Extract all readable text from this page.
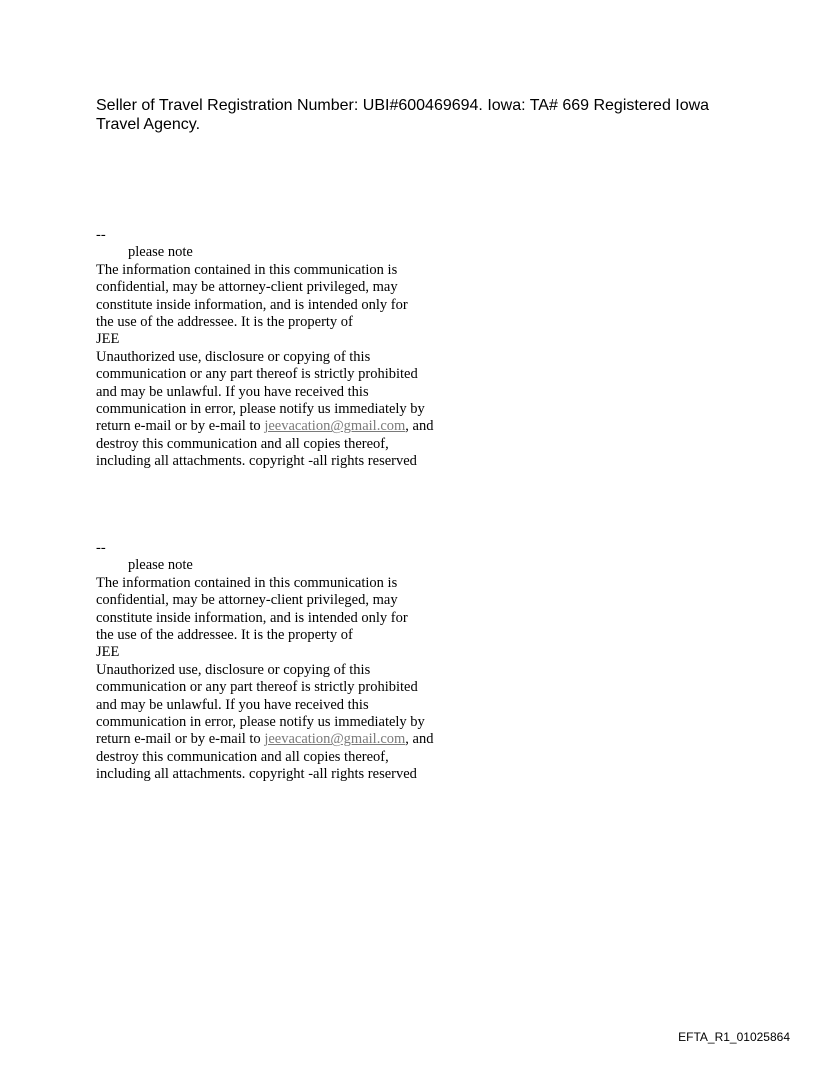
Seller of Travel Registration Number: UBI#600469694. Iowa: TA# 669 Registered Iowa Travel Agency.
--
please note
The information contained in this communication is
confidential, may be attorney-client privileged, may
constitute inside information, and is intended only for
the use of the addressee. It is the property of
JEE
Unauthorized use, disclosure or copying of this
communication or any part thereof is strictly prohibited
and may be unlawful. If you have received this
communication in error, please notify us immediately by
return e-mail or by e-mail to jeevacation@gmail.com, and
destroy this communication and all copies thereof,
including all attachments. copyright -all rights reserved
--
please note
The information contained in this communication is
confidential, may be attorney-client privileged, may
constitute inside information, and is intended only for
the use of the addressee. It is the property of
JEE
Unauthorized use, disclosure or copying of this
communication or any part thereof is strictly prohibited
and may be unlawful. If you have received this
communication in error, please notify us immediately by
return e-mail or by e-mail to jeevacation@gmail.com, and
destroy this communication and all copies thereof,
including all attachments. copyright -all rights reserved
EFTA_R1_01025864
